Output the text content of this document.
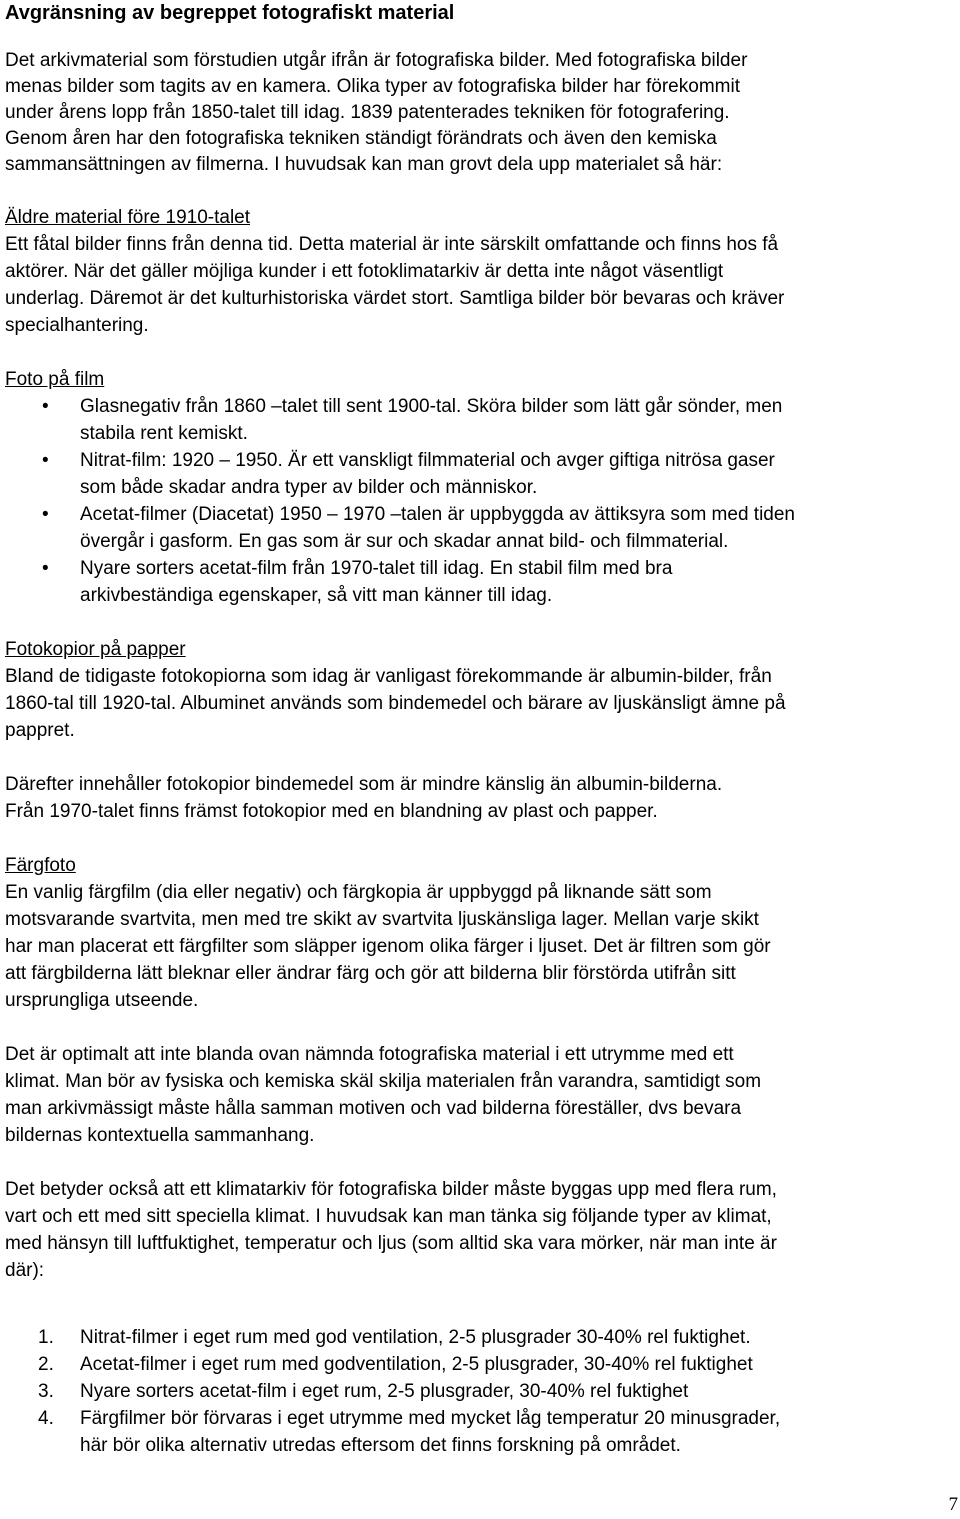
Avgränsning av begreppet fotografiskt material
Det arkivmaterial som förstudien utgår ifrån är fotografiska bilder. Med fotografiska bilder
menas bilder som tagits av en kamera. Olika typer av fotografiska bilder har förekommit
under årens lopp från 1850-talet till idag. 1839 patenterades tekniken för fotografering.
Genom åren har den fotografiska tekniken ständigt förändrats och även den kemiska
sammansättningen av filmerna. I huvudsak kan man grovt dela upp materialet så här:
Äldre material före 1910-talet
Ett fåtal bilder finns från denna tid. Detta material är inte särskilt omfattande och finns hos få
aktörer. När det gäller möjliga kunder i ett fotoklimatarkiv är detta inte något väsentligt
underlag. Däremot är det kulturhistoriska värdet stort. Samtliga bilder bör bevaras och kräver
specialhantering.
Foto på film
• Glasnegativ från 1860 –talet till sent 1900-tal. Sköra bilder som lätt går sönder, men
stabila rent kemiskt.
• Nitrat-film: 1920 – 1950. Är ett vanskligt filmmaterial och avger giftiga nitrösa gaser
som både skadar andra typer av bilder och människor.
• Acetat-filmer (Diacetat) 1950 – 1970 –talen är uppbyggda av ättiksyra som med tiden
övergår i gasform. En gas som är sur och skadar annat bild- och filmmaterial.
• Nyare sorters acetat-film från 1970-talet till idag. En stabil film med bra
arkivbeständiga egenskaper, så vitt man känner till idag.
Fotokopior på papper
Bland de tidigaste fotokopiorna som idag är vanligast förekommande är albumin-bilder, från
1860-tal till 1920-tal. Albuminet används som bindemedel och bärare av ljuskänsligt ämne på
pappret.
Därefter innehåller fotokopior bindemedel som är mindre känslig än albumin-bilderna.
Från 1970-talet finns främst fotokopior med en blandning av plast och papper.
Färgfoto
En vanlig färgfilm (dia eller negativ) och färgkopia är uppbyggd på liknande sätt som
motsvarande svartvita, men med tre skikt av svartvita ljuskänsliga lager. Mellan varje skikt
har man placerat ett färgfilter som släpper igenom olika färger i ljuset. Det är filtren som gör
att färgbilderna lätt bleknar eller ändrar färg och gör att bilderna blir förstörda utifrån sitt
ursprungliga utseende.
Det är optimalt att inte blanda ovan nämnda fotografiska material i ett utrymme med ett
klimat. Man bör av fysiska och kemiska skäl skilja materialen från varandra, samtidigt som
man arkivmässigt måste hålla samman motiven och vad bilderna föreställer, dvs bevara
bildernas kontextuella sammanhang.
Det betyder också att ett klimatarkiv för fotografiska bilder måste byggas upp med flera rum,
vart och ett med sitt speciella klimat. I huvudsak kan man tänka sig följande typer av klimat,
med hänsyn till luftfuktighet, temperatur och ljus (som alltid ska vara mörker, när man inte är
där):
1. Nitrat-filmer i eget rum med god ventilation, 2-5 plusgrader 30-40% rel fuktighet.
2. Acetat-filmer i eget rum med godventilation, 2-5 plusgrader, 30-40% rel fuktighet
3. Nyare sorters acetat-film i eget rum, 2-5 plusgrader, 30-40% rel fuktighet
4. Färgfilmer bör förvaras i eget utrymme med mycket låg temperatur 20 minusgrader,
här bör olika alternativ utredas eftersom det finns forskning på området.
7
